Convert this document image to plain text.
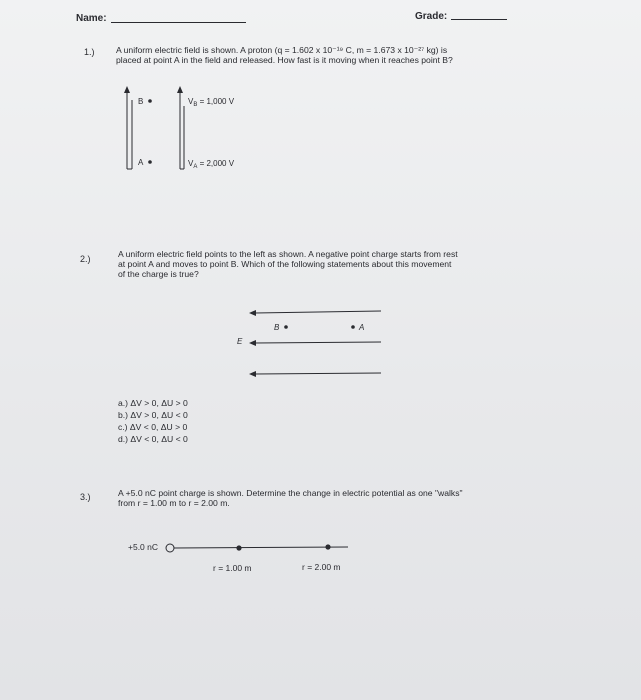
Name:	Grade:
1.) A uniform electric field is shown. A proton (q = 1.602 x 10⁻¹⁹ C, m = 1.673 x 10⁻²⁷ kg) is
placed at point A in the field and released. How fast is it moving when it reaches point B?
B
A
$V_B = 1,000$ V
$V_A = 2,000$ V
2.)	A uniform electric field points to the left as shown. A negative point charge starts from rest
at point A and moves to point B. Which of the following statements about this movement
of the charge is true?
E
B	A
a.) ΔV > 0, ΔU > 0
b.) ΔV > 0, ΔU < 0
c.) ΔV < 0, ΔU > 0
d.) ΔV < 0, ΔU < 0
3.)	A +5.0 nC point charge is shown. Determine the change in electric potential as one "walks"
from r = 1.00 m to r = 2.00 m.
+5.0 nC
r = 1.00 m	r = 2.00 m
